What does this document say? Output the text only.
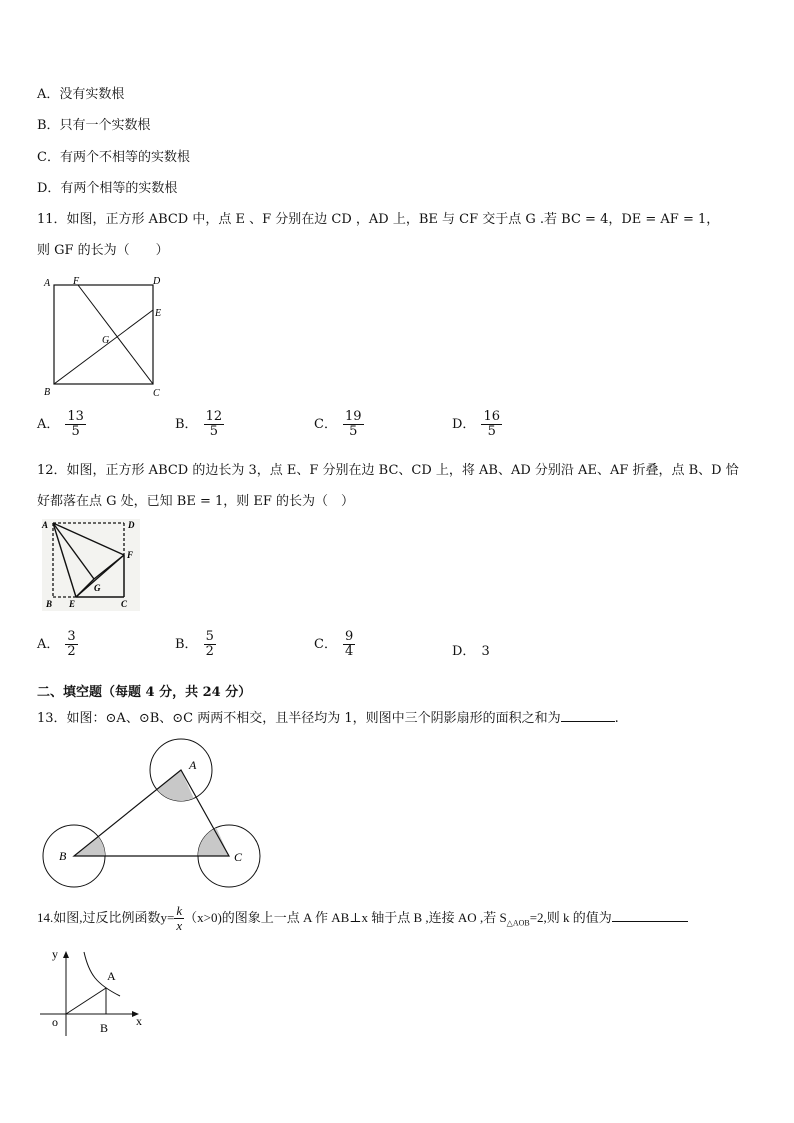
A．没有实数根
B．只有一个实数根
C．有两个不相等的实数根
D．有两个相等的实数根
11．如图，正方形 ABCD 中，点 E 、F 分别在边 CD ，AD 上，BE 与 CF 交于点 G .若 BC = 4，DE = AF = 1，
则 GF 的长为（　　）
A F	D
E
G
B	C
A． $\frac{13}{5}$	B． $\frac{12}{5}$	C． $\frac{19}{5}$	D． $\frac{16}{5}$
12．如图，正方形 ABCD 的边长为 3，点 E、F 分别在边 BC、CD 上，将 AB、AD 分别沿 AE、AF 折叠，点 B、D 恰
好都落在点 G 处，已知 BE = 1，则 EF 的长为（　）
A	D
F
G
B E	C
A． $\frac{3}{2}$	B． $\frac{5}{2}$	C． $\frac{9}{4}$	D． 3
二、填空题（每题 4 分，共 24 分）
13．如图：⊙A、⊙B、⊙C 两两不相交，且半径均为 1，则图中三个阴影扇形的面积之和为	.
A
B	C
14.如图,过反比例函数$y= \frac{k}{x} (x>0)$的图象上一点 A 作 AB⊥x 轴于点 B ,连接 AO ,若 $S_{\triangle AOB}=2$,则 k 的值为
y
x
o
A
B
